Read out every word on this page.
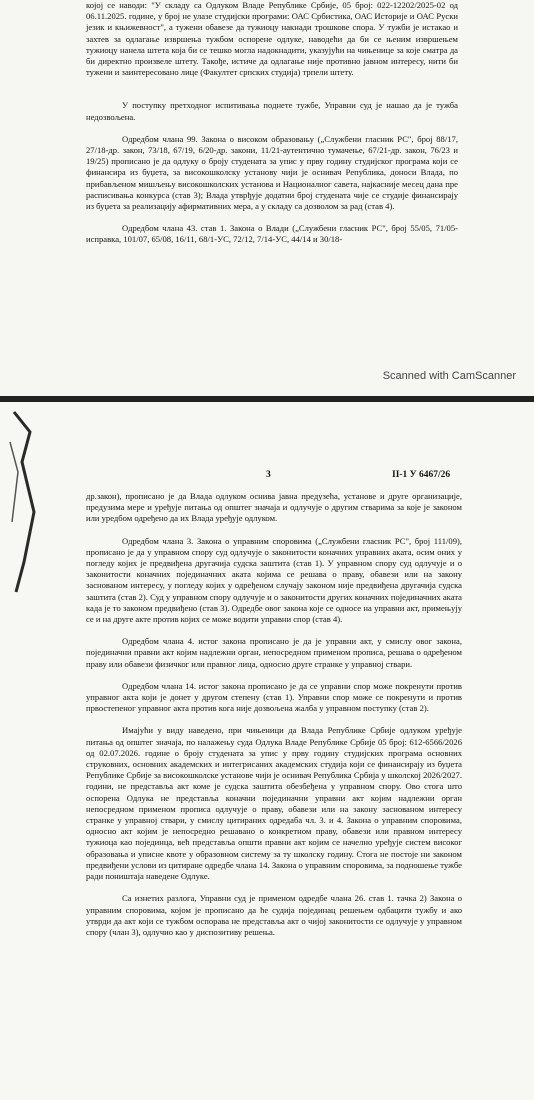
којој се наводи: "У складу са Одлуком Владе Републике Србије, 05 број: 022-12202/2025-02 од 06.11.2025. године, у број не улазе студијски програми: ОАС Србистика, ОАС Историје и ОАС Руски језик и књижевност", а тужени обавезе да тужиоцу накнади трошкове спора. У тужби је истакао и захтев за одлагање извршења тужбом оспорене одлуке, наводећи да би се њеним извршењем тужиоцу нанела штета која би се тешко могла надокнадити, указујући на чињенице за које сматра да би директно произвеле штету. Такође, истиче да одлагање није противно јавном интересу, нити би тужени и заинтересовано лице (Факултет српских студија) трпели штету.

У поступку претходног испитивања поднете тужбе, Управни суд је нашао да је тужба недозвољена.

Одредбом члана 99. Закона о високом образовању („Службени гласник РС", број 88/17, 27/18-др. закон, 73/18, 67/19, 6/20-др. закони, 11/21-аутентично тумачење, 67/21-др. закон, 76/23 и 19/25) прописано је да одлуку о броју студената за упис у прву годину студијског програма који се финансира из буџета, за високошколску установу чији је оснивач Република, доноси Влада, по прибављеном мишљењу високошколских установа и Националног савета, најкасније месец дана пре расписивања конкурса (став 3); Влада утврђује додатни број студената чије се студије финансирају из буџета за реализацију афирмативних мера, а у складу са дозволом за рад (став 4).

Одредбом члана 43. став 1. Закона о Влади („Службени гласник РС", број 55/05, 71/05-исправка, 101/07, 65/08, 16/11, 68/1-УС, 72/12, 7/14-УС, 44/14 и 30/18-

Scanned with CamScanner
3	II-1 У 6467/26

др.закон), прописано је да Влада одлуком оснива јавна предузећа, установе и друге организације, предузима мере и уређује питања од општег значаја и одлучује о другим стварима за које је законом или уредбом одређено да их Влада уређује одлуком.

Одредбом члана 3. Закона о управним споровима („Службени гласник РС", број 111/09), прописано је да у управном спору суд одлучује о законитости коначних управних аката, осим оних у погледу којих је предвиђена другачија судска заштита (став 1). У управном спору суд одлучује и о законитости коначних појединачних аката којима се решава о праву, обавези или на закону заснованом интересу, у погледу којих у одређеном случају законом није предвиђена другачија судска заштита (став 2). Суд у управном спору одлучује и о законитости других коначних појединачних аката када је то законом предвиђено (став 3). Одредбе овог закона које се односе на управни акт, примењују се и на друге акте против којих се може водити управни спор (став 4).

Одредбом члана 4. истог закона прописано је да је управни акт, у смислу овог закона, појединачни правни акт којим надлежни орган, непосредном применом прописа, решава о одређеном праву или обавези физичког или правног лица, односно друге странке у управној ствари.

Одредбом члана 14. истог закона прописано је да се управни спор може покренути против управног акта који је донет у другом степену (став 1). Управни спор може се покренути и против првостепеног управног акта против кога није дозвољена жалба у управном поступку (став 2).

Имајући у виду наведено, при чињеници да Влада Републике Србије одлуком уређује питања од општег значаја, по налажењу суда Одлука Владе Републике Србије 05 број: 612-6566/2026 од 02.07.2026. године о броју студената за упис у прву годину студијских програма основних струковних, основних академских и интегрисаних академских студија који се финансирају из буџета Републике Србије за високошколске установе чији је оснивач Република Србија у школској 2026/2027. години, не представља акт коме је судска заштита обезбеђена у управном спору. Ово стога што оспорена Одлука не представља коначни појединачни управни акт којим надлежни орган непосредном применом прописа одлучује о праву, обавези или на закону заснованом интересу странке у управној ствари, у смислу цитираних одредаба чл. 3. и 4. Закона о управним споровима, односно акт којим је непосредно решавано о конкретном праву, обавези или правном интересу тужиоца као појединца, већ представља општи правни акт којим се начелно уређује систем високог образовања и уписне квоте у образовном систему за ту школску годину. Стога не постоје ни законом предвиђени услови из цитиране одредбе члана 14. Закона о управним споровима, за подношење тужбе ради поништаја наведене Одлуке.

Са изнетих разлога, Управни суд је применом одредбе члана 26. став 1. тачка 2) Закона о управним споровима, којом је прописано да ће судија појединац решењем одбацити тужбу и ако утврди да акт који се тужбом оспорава не представља акт о чијој законитости се одлучује у управном спору (члан 3), одлучио као у диспозитиву решења.
